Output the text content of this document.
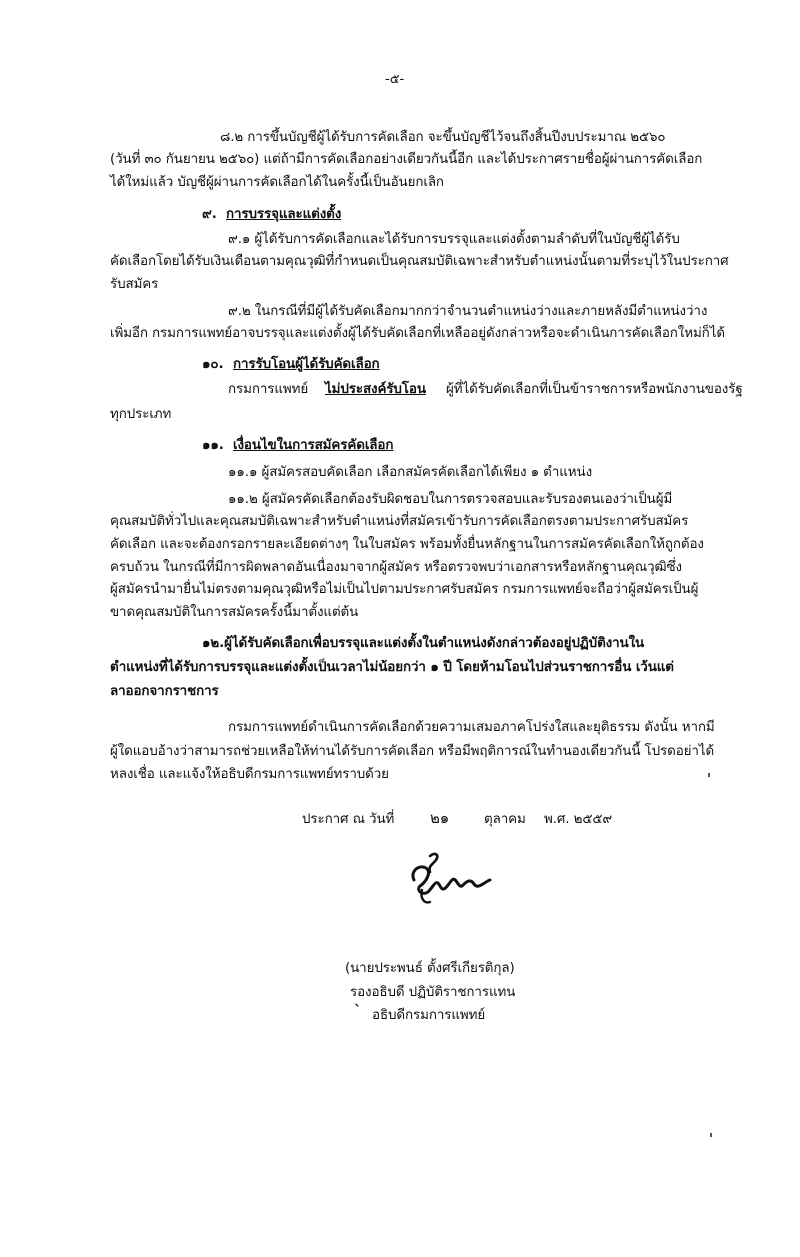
-๕-
๘.๒ การขึ้นบัญชีผู้ได้รับการคัดเลือก จะขึ้นบัญชีไว้จนถึงสิ้นปีงบประมาณ ๒๕๖๐
(วันที่ ๓๐ กันยายน ๒๕๖๐) แต่ถ้ามีการคัดเลือกอย่างเดียวกันนี้อีก และได้ประกาศรายชื่อผู้ผ่านการคัดเลือก
ได้ใหม่แล้ว บัญชีผู้ผ่านการคัดเลือกได้ในครั้งนี้เป็นอันยกเลิก
๙. การบรรจุและแต่งตั้ง
๙.๑ ผู้ได้รับการคัดเลือกและได้รับการบรรจุและแต่งตั้งตามลำดับที่ในบัญชีผู้ได้รับ
คัดเลือกโดยได้รับเงินเดือนตามคุณวุฒิที่กำหนดเป็นคุณสมบัติเฉพาะสำหรับตำแหน่งนั้นตามที่ระบุไว้ในประกาศ
รับสมัคร
๙.๒ ในกรณีที่มีผู้ได้รับคัดเลือกมากกว่าจำนวนตำแหน่งว่างและภายหลังมีตำแหน่งว่าง
เพิ่มอีก กรมการแพทย์อาจบรรจุและแต่งตั้งผู้ได้รับคัดเลือกที่เหลืออยู่ดังกล่าวหรือจะดำเนินการคัดเลือกใหม่ก็ได้
๑๐. การรับโอนผู้ได้รับคัดเลือก
กรมการแพทย์ ไม่ประสงค์รับโอน ผู้ที่ได้รับคัดเลือกที่เป็นข้าราชการหรือพนักงานของรัฐ
ทุกประเภท
๑๑. เงื่อนไขในการสมัครคัดเลือก
๑๑.๑ ผู้สมัครสอบคัดเลือก เลือกสมัครคัดเลือกได้เพียง ๑ ตำแหน่ง
๑๑.๒ ผู้สมัครคัดเลือกต้องรับผิดชอบในการตรวจสอบและรับรองตนเองว่าเป็นผู้มี
คุณสมบัติทั่วไปและคุณสมบัติเฉพาะสำหรับตำแหน่งที่สมัครเข้ารับการคัดเลือกตรงตามประกาศรับสมัคร
คัดเลือก และจะต้องกรอกรายละเอียดต่างๆ ในใบสมัคร พร้อมทั้งยื่นหลักฐานในการสมัครคัดเลือกให้ถูกต้อง
ครบถ้วน ในกรณีที่มีการผิดพลาดอันเนื่องมาจากผู้สมัคร หรือตรวจพบว่าเอกสารหรือหลักฐานคุณวุฒิซึ่ง
ผู้สมัครนำมายื่นไม่ตรงตามคุณวุฒิหรือไม่เป็นไปตามประกาศรับสมัคร กรมการแพทย์จะถือว่าผู้สมัครเป็นผู้
ขาดคุณสมบัติในการสมัครครั้งนี้มาตั้งแต่ต้น
๑๒.ผู้ได้รับคัดเลือกเพื่อบรรจุและแต่งตั้งในตำแหน่งดังกล่าวต้องอยู่ปฏิบัติงานใน
ตำแหน่งที่ได้รับการบรรจุและแต่งตั้งเป็นเวลาไม่น้อยกว่า ๑ ปี โดยห้ามโอนไปส่วนราชการอื่น เว้นแต่
ลาออกจากราชการ
กรมการแพทย์ดำเนินการคัดเลือกด้วยความเสมอภาคโปร่งใสและยุติธรรม ดังนั้น หากมี
ผู้ใดแอบอ้างว่าสามารถช่วยเหลือให้ท่านได้รับการคัดเลือก หรือมีพฤติการณ์ในทำนองเดียวกันนี้ โปรดอย่าได้
หลงเชื่อ และแจ้งให้อธิบดีกรมการแพทย์ทราบด้วย
ประกาศ ณ วันที่ ๒๑	ตุลาคม พ.ศ. ๒๕๕๙
(นายประพนธ์ ตั้งศรีเกียรติกุล)
รองอธิบดี ปฏิบัติราชการแทน
` อธิบดีกรมการแพทย์
